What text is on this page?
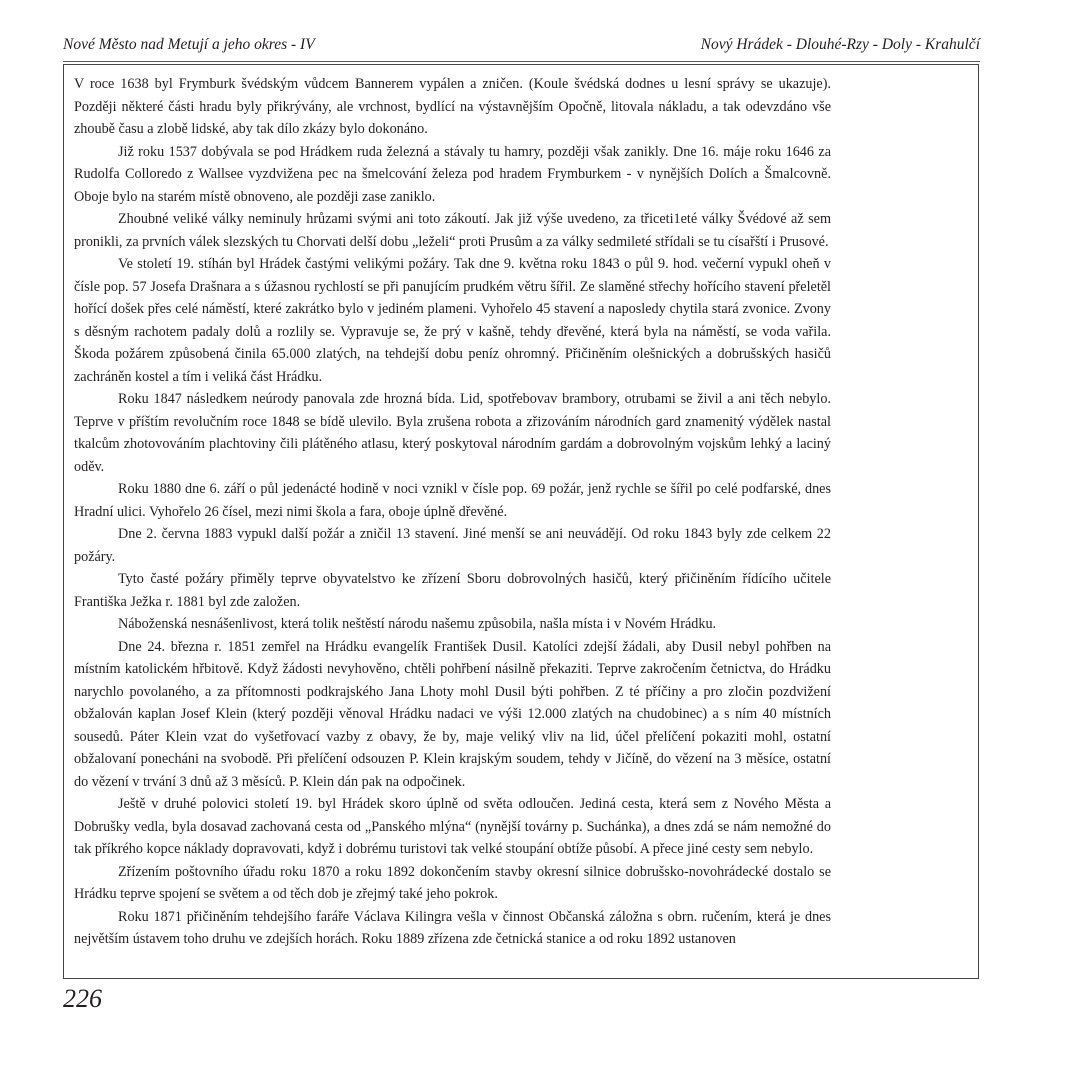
Nové Město nad Metují a jeho okres - IV	Nový Hrádek - Dlouhé-Rzy - Doly - Krahulčí

V roce 1638 byl Frymburk švédským vůdcem Bannerem vypálen a zničen. (Koule švédská dodnes u lesní správy se ukazuje). Později některé části hradu byly přikrývány, ale vrchnost, bydlící na výstavnějším Opočně, litovala nákladu, a tak odevzdáno vše zhoubě času a zlobě lidské, aby tak dílo zkázy bylo dokonáno.

Již roku 1537 dobývala se pod Hrádkem ruda železná a stávaly tu hamry, později však zanikly. Dne 16. máje roku 1646 za Rudolfa Colloredo z Wallsee vyzdvižena pec na šmelcování železa pod hradem Frymburkem - v nynějších Dolích a Šmalcovně. Oboje bylo na starém místě obnoveno, ale později zase zaniklo.

Zhoubné veliké války neminuly hrůzami svými ani toto zákoutí. Jak již výše uvedeno, za třiceti1eté války Švédové až sem pronikli, za prvních válek slezských tu Chorvati delší dobu „leželi“ proti Prusûm a za války sedmileté střídali se tu císařští i Prusové.

Ve století 19. stíhán byl Hrádek častými velikými požáry. Tak dne 9. května roku 1843 o půl 9. hod. večerní vypukl oheň v čísle pop. 57 Josefa Drašnara a s úžasnou rychlostí se při panujícím prudkém větru šířil. Ze slaměné střechy hořícího stavení přeletěl hořící došek přes celé náměstí, které zakrátko bylo v jediném plameni. Vyhořelo 45 stavení a naposledy chytila stará zvonice. Zvony s děsným rachotem padaly dolů a rozlily se. Vypravuje se, že prý v kašně, tehdy dřevěné, která byla na náměstí, se voda vařila. Škoda požárem způsobená činila 65.000 zlatých, na tehdejší dobu peníz ohromný. Přičiněním olešnických a dobrušských hasičů zachráněn kostel a tím i veliká část Hrádku.

Roku 1847 následkem neúrody panovala zde hrozná bída. Lid, spotřebovav brambory, otrubami se živil a ani těch nebylo. Teprve v příštím revolučním roce 1848 se bídě ulevilo. Byla zrušena robota a zřizováním národních gard znamenitý výdělek nastal tkalcům zhotovováním plachtoviny čili plátěného atlasu, který poskytoval národním gardám a dobrovolným vojskům lehký a laciný oděv.

Roku 1880 dne 6. září o půl jedenácté hodině v noci vznikl v čísle pop. 69 požár, jenž rychle se šířil po celé podfarské, dnes Hradní ulici. Vyhořelo 26 čísel, mezi nimi škola a fara, oboje úplně dřevěné.

Dne 2. června 1883 vypukl další požár a zničil 13 stavení. Jiné menší se ani neuvádějí. Od roku 1843 byly zde celkem 22 požáry.

Tyto časté požáry přiměly teprve obyvatelstvo ke zřízení Sboru dobrovolných hasičů, který přičiněním řídícího učitele Františka Ježka r. 1881 byl zde založen.

Náboženská nesnášenlivost, která tolik neštěstí národu našemu způsobila, našla místa i v Novém Hrádku.

Dne 24. března r. 1851 zemřel na Hrádku evangelík František Dusil. Katolíci zdejší žádali, aby Dusil nebyl pohřben na místním katolickém hřbitově. Když žádosti nevyhověno, chtěli pohřbení násilně překaziti. Teprve zakročením četnictva, do Hrádku narychlo povolaného, a za přítomnosti podkrajského Jana Lhoty mohl Dusil býti pohřben. Z té příčiny a pro zločin pozdvižení obžalován kaplan Josef Klein (který později věnoval Hrádku nadaci ve výši 12.000 zlatých na chudobinec) a s ním 40 místních sousedů. Páter Klein vzat do vyšetřovací vazby z obavy, že by, maje veliký vliv na lid, účel přelíčení pokaziti mohl, ostatní obžalovaní ponecháni na svobodě. Při přelíčení odsouzen P. Klein krajským soudem, tehdy v Jičíně, do vězení na 3 měsíce, ostatní do vězení v trvání 3 dnů až 3 měsíců. P. Klein dán pak na odpočinek.

Ještě v druhé polovici století 19. byl Hrádek skoro úplně od světa odloučen. Jediná cesta, která sem z Nového Města a Dobrušky vedla, byla dosavad zachovaná cesta od „Panského mlýna“ (nynější továrny p. Suchánka), a dnes zdá se nám nemožné do tak příkrého kopce náklady dopravovati, když i dobrému turistovi tak velké stoupání obtíže působí. A přece jiné cesty sem nebylo.

Zřízením poštovního úřadu roku 1870 a roku 1892 dokončením stavby okresní silnice dobrušsko-novohrádecké dostalo se Hrádku teprve spojení se světem a od těch dob je zřejmý také jeho pokrok.

Roku 1871 přičiněním tehdejšího faráře Václava Kilingra vešla v činnost Občanská záložna s obrn. ručením, která je dnes největším ústavem toho druhu ve zdejších horách. Roku 1889 zřízena zde četnická stanice a od roku 1892 ustanoven

226
